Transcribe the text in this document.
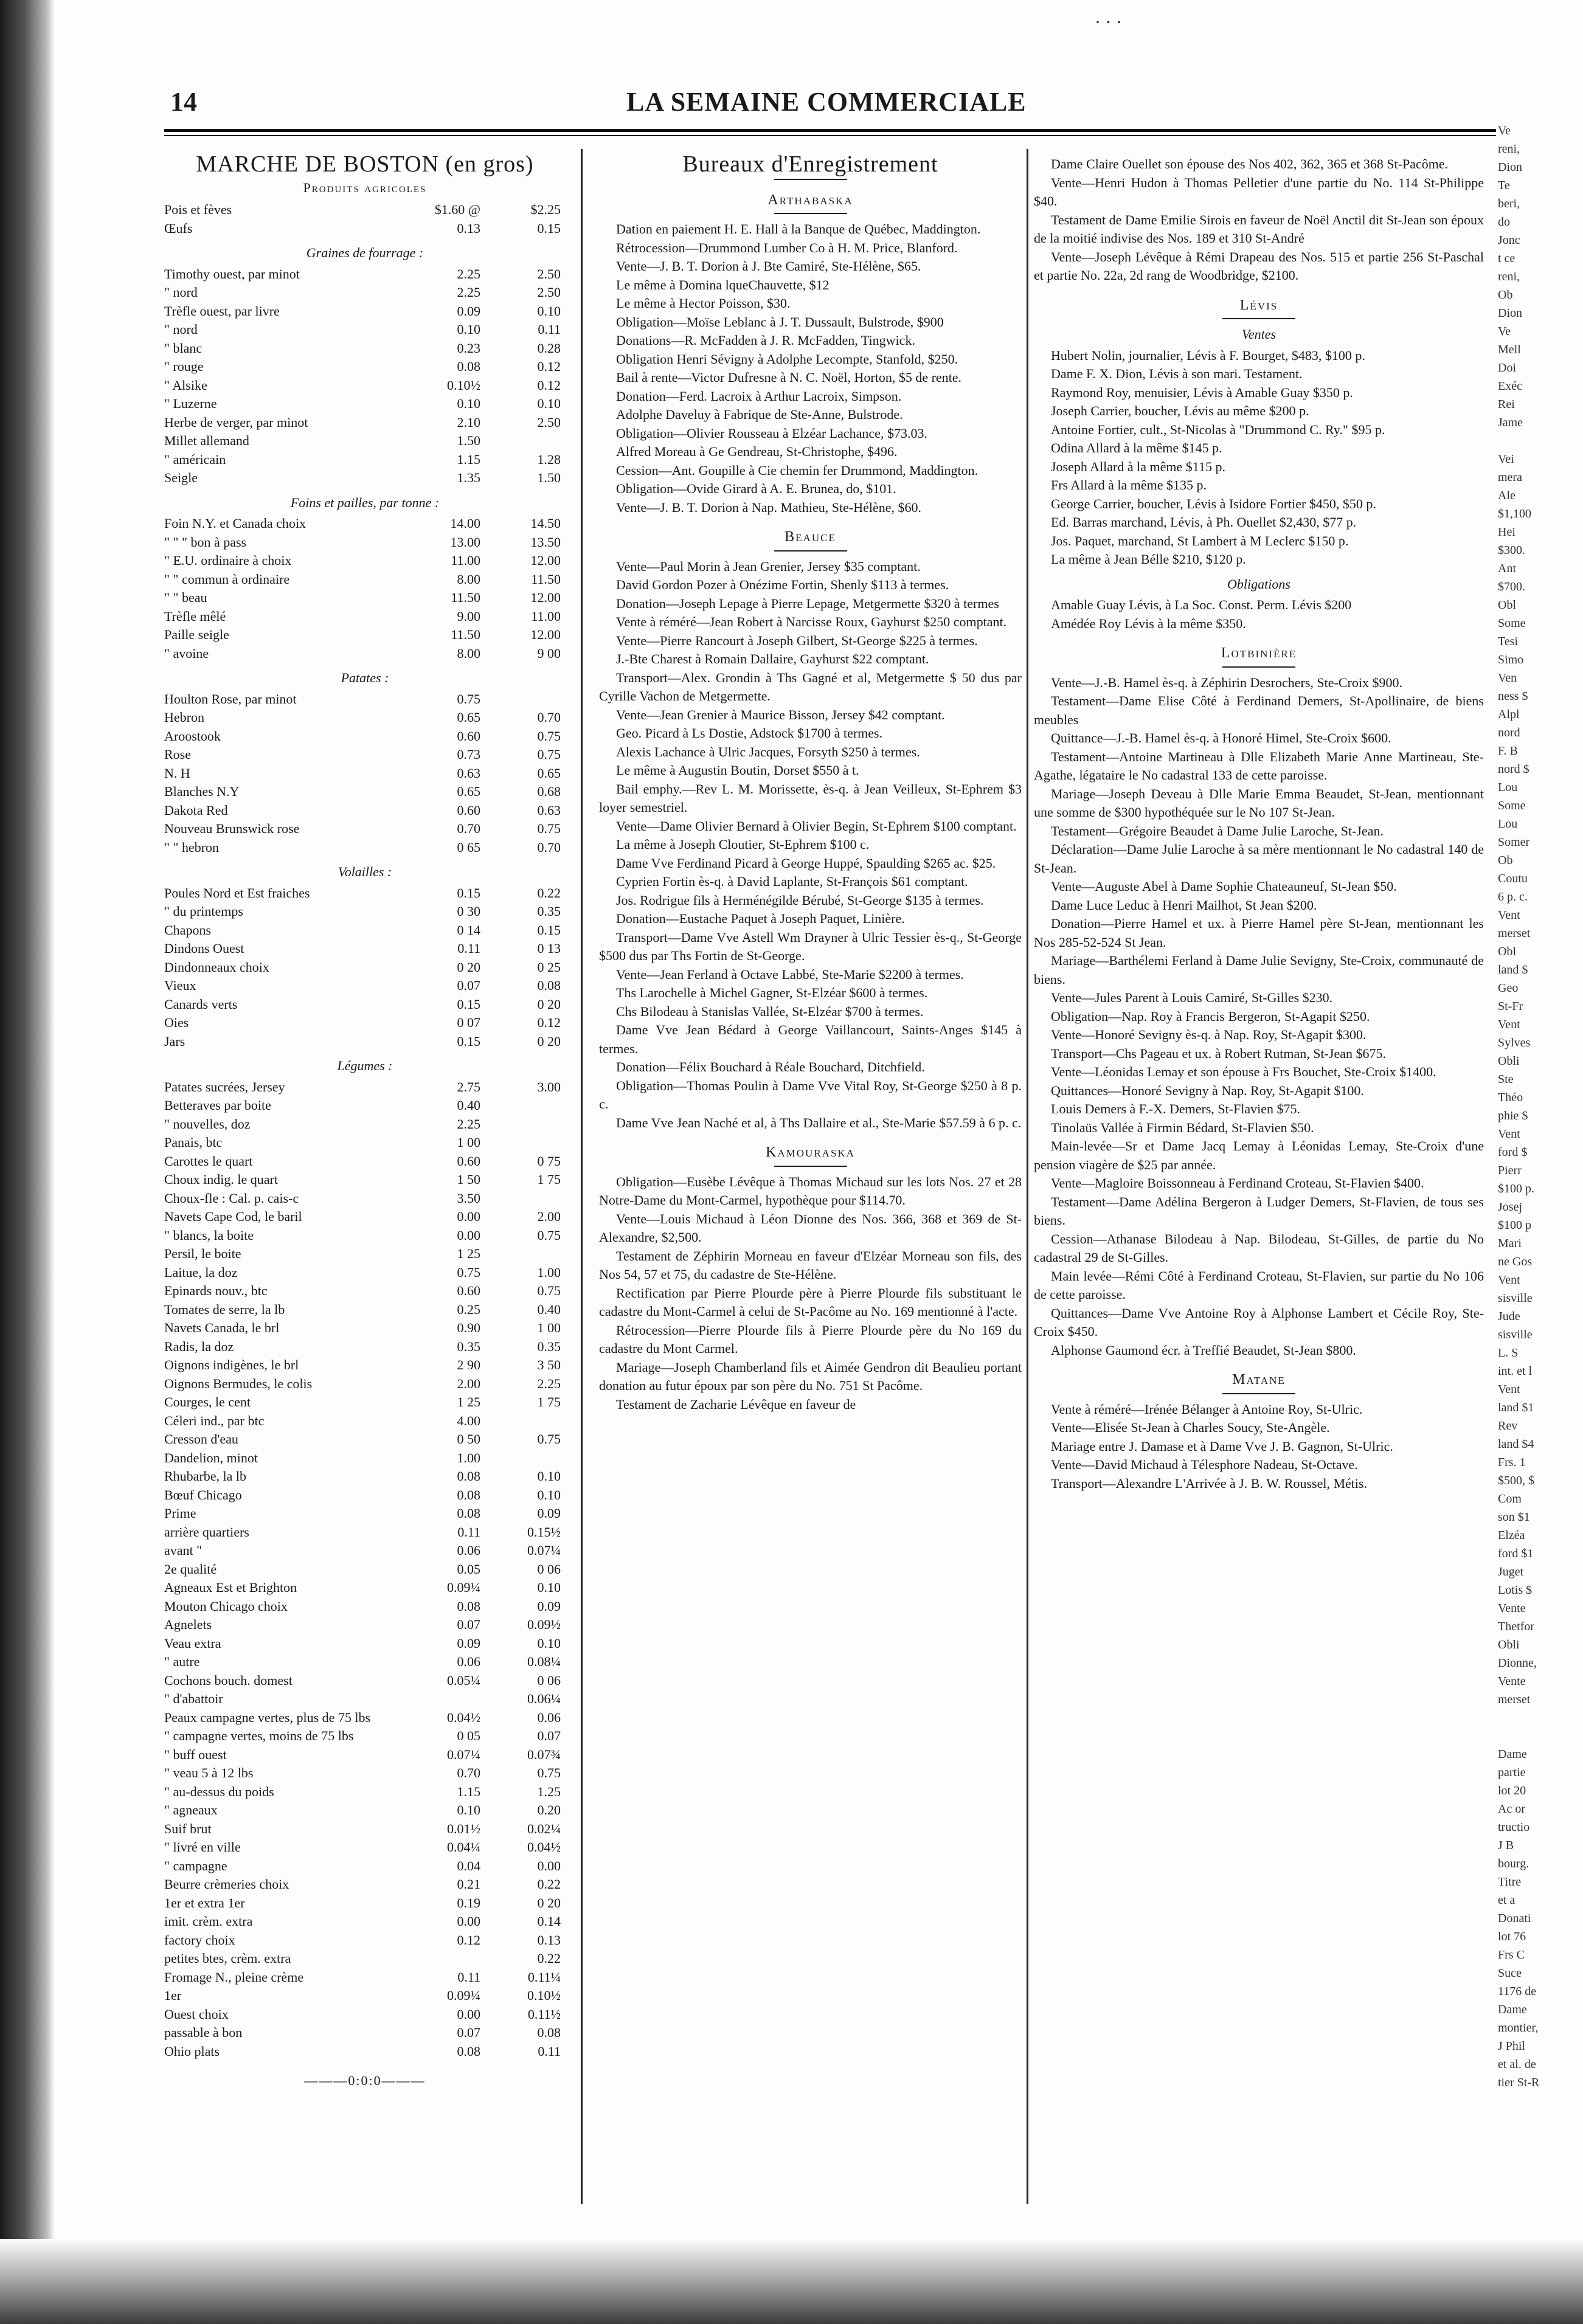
· · ·
14	LA SEMAINE COMMERCIALE
MARCHE DE BOSTON (en gros)
Produits agricoles
Pois et fèves	$1.60 @	$2.25
Œufs	0.13	0.15
Graines de fourrage :
Timothy ouest, par minot	2.25	2.50
" nord	2.25	2.50
Trèfle ouest, par livre	0.09	0.10
" nord	0.10	0.11
" blanc	0.23	0.28
" rouge	0.08	0.12
" Alsike	0.10½	0.12
" Luzerne	0.10	0.10
Herbe de verger, par minot	2.10	2.50
Millet allemand	1.50	
" américain	1.15	1.28
Seigle	1.35	1.50
Foins et pailles, par tonne :
Foin N.Y. et Canada choix	14.00	14.50
" " " bon à pass	13.00	13.50
" E.U. ordinaire à choix	11.00	12.00
" " commun à ordinaire	8.00	11.50
" " beau	11.50	12.00
Trèfle mêlé	9.00	11.00
Paille seigle	11.50	12.00
" avoine	8.00	9 00
Patates :
Houlton Rose, par minot	0.75	
Hebron	0.65	0.70
Aroostook	0.60	0.75
Rose	0.73	0.75
N. H	0.63	0.65
Blanches N.Y	0.65	0.68
Dakota Red	0.60	0.63
Nouveau Brunswick rose	0.70	0.75
" " hebron	0 65	0.70
Volailles :
Poules Nord et Est fraiches	0.15	0.22
" du printemps	0 30	0.35
Chapons	0 14	0.15
Dindons Ouest	0.11	0 13
Dindonneaux choix	0 20	0 25
Vieux	0.07	0.08
Canards verts	0.15	0 20
Oies	0 07	0.12
Jars	0.15	0 20
Légumes :
Patates sucrées, Jersey	2.75	3.00
Betteraves par boite	0.40	
" nouvelles, doz	2.25	
Panais, btc	1 00	
Carottes le quart	0.60	0 75
Choux indig. le quart	1 50	1 75
Choux-fle : Cal. p. cais-c	3.50	
Navets Cape Cod, le baril	0.00	2.00
" blancs, la boite	0.00	0.75
Persil, le boite	1 25	
Laitue, la doz	0.75	1.00
Epinards nouv., btc	0.60	0.75
Tomates de serre, la lb	0.25	0.40
Navets Canada, le brl	0.90	1 00
Radis, la doz	0.35	0.35
Oignons indigènes, le brl	2 90	3 50
Oignons Bermudes, le colis	2.00	2.25
Courges, le cent	1 25	1 75
Céleri ind., par btc	4.00	
Cresson d'eau	0 50	0.75
Dandelion, minot	1.00	
Rhubarbe, la lb	0.08	0.10
Bœuf Chicago	0.08	0.10
Prime	0.08	0.09
arrière quartiers	0.11	0.15½
avant "	0.06	0.07¼
2e qualité	0.05	0 06
Agneaux Est et Brighton	0.09¼	0.10
Mouton Chicago choix	0.08	0.09
Agnelets	0.07	0.09½
Veau extra	0.09	0.10
" autre	0.06	0.08¼
Cochons bouch. domest	0.05¼	0 06
" d'abattoir		0.06¼
Peaux campagne vertes, plus de 75 lbs	0.04½	0.06
" campagne vertes, moins de 75 lbs	0 05	0.07
" buff ouest	0.07¼	0.07¾
" veau 5 à 12 lbs	0.70	0.75
" au-dessus du poids	1.15	1.25
" agneaux	0.10	0.20
Suif brut	0.01½	0.02¼
" livré en ville	0.04¼	0.04½
" campagne	0.04	0.00
Beurre crèmeries choix	0.21	0.22
1er et extra 1er	0.19	0 20
imit. crèm. extra	0.00	0.14
factory choix	0.12	0.13
petites btes, crèm. extra		0.22
Fromage N., pleine crème	0.11	0.11¼
1er	0.09¼	0.10½
Ouest choix	0.00	0.11½
passable à bon	0.07	0.08
Ohio plats	0.08	0.11
———0:0:0———
Bureaux d'Enregistrement
Arthabaska

Dation en paiement H. E. Hall à la Banque de Québec, Maddington.

Rétrocession—Drummond Lumber Co à H. M. Price, Blanford.

Vente—J. B. T. Dorion à J. Bte Camiré, Ste-Hélène, $65.

Le même à Domina lqueChauvette, $12

Le même à Hector Poisson, $30.

Obligation—Moïse Leblanc à J. T. Dussault, Bulstrode, $900

Donations—R. McFadden à J. R. McFadden, Tingwick.

Obligation Henri Sévigny à Adolphe Lecompte, Stanfold, $250.

Bail à rente—Victor Dufresne à N. C. Noël, Horton, $5 de rente.

Donation—Ferd. Lacroix à Arthur Lacroix, Simpson.

Adolphe Daveluy à Fabrique de Ste-Anne, Bulstrode.

Obligation—Olivier Rousseau à Elzéar Lachance, $73.03.

Alfred Moreau à Ge Gendreau, St-Christophe, $496.

Cession—Ant. Goupille à Cie chemin fer Drummond, Maddington.

Obligation—Ovide Girard à A. E. Brunea, do, $101.

Vente—J. B. T. Dorion à Nap. Mathieu, Ste-Hélène, $60.

Beauce

Vente—Paul Morin à Jean Grenier, Jersey $35 comptant.

David Gordon Pozer à Onézime Fortin, Shenly $113 à termes.

Donation—Joseph Lepage à Pierre Lepage, Metgermette $320 à termes

Vente à réméré—Jean Robert à Narcisse Roux, Gayhurst $250 comptant.

Vente—Pierre Rancourt à Joseph Gilbert, St-George $225 à termes.

J.-Bte Charest à Romain Dallaire, Gayhurst $22 comptant.

Transport—Alex. Grondin à Ths Gagné et al, Metgermette $ 50 dus par Cyrille Vachon de Metgermette.

Vente—Jean Grenier à Maurice Bisson, Jersey $42 comptant.

Geo. Picard à Ls Dostie, Adstock $1700 à termes.

Alexis Lachance à Ulric Jacques, Forsyth $250 à termes.

Le même à Augustin Boutin, Dorset $550 à t.

Bail emphy.—Rev L. M. Morissette, ès-q. à Jean Veilleux, St-Ephrem $3 loyer semestriel.

Vente—Dame Olivier Bernard à Olivier Begin, St-Ephrem $100 comptant.

La même à Joseph Cloutier, St-Ephrem $100 c.

Dame Vve Ferdinand Picard à George Huppé, Spaulding $265 ac. $25.

Cyprien Fortin ès-q. à David Laplante, St-François $61 comptant.

Jos. Rodrigue fils à Herménégilde Bérubé, St-George $135 à termes.

Donation—Eustache Paquet à Joseph Paquet, Linière.

Transport—Dame Vve Astell Wm Drayner à Ulric Tessier ès-q., St-George $500 dus par Ths Fortin de St-George.

Vente—Jean Ferland à Octave Labbé, Ste-Marie $2200 à termes.

Ths Larochelle à Michel Gagner, St-Elzéar $600 à termes.

Chs Bilodeau à Stanislas Vallée, St-Elzéar $700 à termes.

Dame Vve Jean Bédard à George Vaillancourt, Saints-Anges $145 à termes.

Donation—Félix Bouchard à Réale Bouchard, Ditchfield.

Obligation—Thomas Poulin à Dame Vve Vital Roy, St-George $250 à 8 p. c.

Dame Vve Jean Naché et al, à Ths Dallaire et al., Ste-Marie $57.59 à 6 p. c.

Kamouraska

Obligation—Eusèbe Lévêque à Thomas Michaud sur les lots Nos. 27 et 28 Notre-Dame du Mont-Carmel, hypothèque pour $114.70.

Vente—Louis Michaud à Léon Dionne des Nos. 366, 368 et 369 de St-Alexandre, $2,500.

Testament de Zéphirin Morneau en faveur d'Elzéar Morneau son fils, des Nos 54, 57 et 75, du cadastre de Ste-Hélène.

Rectification par Pierre Plourde père à Pierre Plourde fils substituant le cadastre du Mont-Carmel à celui de St-Pacôme au No. 169 mentionné à l'acte.

Rétrocession—Pierre Plourde fils à Pierre Plourde père du No 169 du cadastre du Mont Carmel.

Mariage—Joseph Chamberland fils et Aimée Gendron dit Beaulieu portant donation au futur époux par son père du No. 751 St Pacôme.

Testament de Zacharie Lévêque en faveur de

Dame Claire Ouellet son épouse des Nos 402, 362, 365 et 368 St-Pacôme.

Vente—Henri Hudon à Thomas Pelletier d'une partie du No. 114 St-Philippe $40.

Testament de Dame Emilie Sirois en faveur de Noël Anctil dit St-Jean son époux de la moitié indivise des Nos. 189 et 310 St-André

Vente—Joseph Lévêque à Rémi Drapeau des Nos. 515 et partie 256 St-Paschal et partie No. 22a, 2d rang de Woodbridge, $2100.

Lévis
Ventes

Hubert Nolin, journalier, Lévis à F. Bourget, $483, $100 p.

Dame F. X. Dion, Lévis à son mari. Testament.

Raymond Roy, menuisier, Lévis à Amable Guay $350 p.

Joseph Carrier, boucher, Lévis au même $200 p.

Antoine Fortier, cult., St-Nicolas à "Drummond C. Ry." $95 p.

Odina Allard à la même $145 p.

Joseph Allard à la même $115 p.

Frs Allard à la même $135 p.

George Carrier, boucher, Lévis à Isidore Fortier $450, $50 p.

Ed. Barras marchand, Lévis, à Ph. Ouellet $2,430, $77 p.

Jos. Paquet, marchand, St Lambert à M Leclerc $150 p.

La même à Jean Bélle $210, $120 p.

Obligations

Amable Guay Lévis, à La Soc. Const. Perm. Lévis $200

Amédée Roy Lévis à la même $350.

Lotbinière

Vente—J.-B. Hamel ès-q. à Zéphirin Desrochers, Ste-Croix $900.

Testament—Dame Elise Côté à Ferdinand Demers, St-Apollinaire, de biens meubles

Quittance—J.-B. Hamel ès-q. à Honoré Himel, Ste-Croix $600.

Testament—Antoine Martineau à Dlle Elizabeth Marie Anne Martineau, Ste-Agathe, légataire le No cadastral 133 de cette paroisse.

Mariage—Joseph Deveau à Dlle Marie Emma Beaudet, St-Jean, mentionnant une somme de $300 hypothéquée sur le No 107 St-Jean.

Testament—Grégoire Beaudet à Dame Julie Laroche, St-Jean.

Déclaration—Dame Julie Laroche à sa mère mentionnant le No cadastral 140 de St-Jean.

Vente—Auguste Abel à Dame Sophie Chateauneuf, St-Jean $50.

Dame Luce Leduc à Henri Mailhot, St Jean $200.

Donation—Pierre Hamel et ux. à Pierre Hamel père St-Jean, mentionnant les Nos 285-52-524 St Jean.

Mariage—Barthélemi Ferland à Dame Julie Sevigny, Ste-Croix, communauté de biens.

Vente—Jules Parent à Louis Camiré, St-Gilles $230.

Obligation—Nap. Roy à Francis Bergeron, St-Agapit $250.

Vente—Honoré Sevigny ès-q. à Nap. Roy, St-Agapit $300.

Transport—Chs Pageau et ux. à Robert Rutman, St-Jean $675.

Vente—Léonidas Lemay et son épouse à Frs Bouchet, Ste-Croix $1400.

Quittances—Honoré Sevigny à Nap. Roy, St-Agapit $100.

Louis Demers à F.-X. Demers, St-Flavien $75.

Tinolaüs Vallée à Firmin Bédard, St-Flavien $50.

Main-levée—Sr et Dame Jacq Lemay à Léonidas Lemay, Ste-Croix d'une pension viagère de $25 par année.

Vente—Magloire Boissonneau à Ferdinand Croteau, St-Flavien $400.

Testament—Dame Adélina Bergeron à Ludger Demers, St-Flavien, de tous ses biens.

Cession—Athanase Bilodeau à Nap. Bilodeau, St-Gilles, de partie du No cadastral 29 de St-Gilles.

Main levée—Rémi Côté à Ferdinand Croteau, St-Flavien, sur partie du No 106 de cette paroisse.

Quittances—Dame Vve Antoine Roy à Alphonse Lambert et Cécile Roy, Ste-Croix $450.

Alphonse Gaumond écr. à Treffié Beaudet, St-Jean $800.

Matane

Vente à réméré—Irénée Bélanger à Antoine Roy, St-Ulric.

Vente—Elisée St-Jean à Charles Soucy, Ste-Angèle.

Mariage entre J. Damase et à Dame Vve J. B. Gagnon, St-Ulric.

Vente—David Michaud à Télesphore Nadeau, St-Octave.

Transport—Alexandre L'Arrivée à J. B. W. Roussel, Métis.

Ve
reni,
Dion
Te
beri,
do
Jonc
t ce
reni,
Ob
Dion
Ve
Mell
Doi
Exéc
Rei
Jame

Vei
mera
Ale
$1,100
Hei
$300.
Ant
$700.
Obl
Some
Tesi
Simo
Ven
ness $
Alpl
nord
F. B
nord $
Lou
Some
Lou
Somer
Ob
Coutu
6 p. c.
Vent
merset
Obl
land $
Geo
St-Fr
Vent
Sylves
Obli
Ste
Théo
phie $
Vent
ford $
Pierr
$100 p.
Josej
$100 p
Mari
ne Gos
Vent
sisville
Jude
sisville
L. S
int. et l
Vent
land $1
Rev
land $4
Frs. 1
$500, $
Com
son $1
Elzéa
ford $1
Juget
Lotis $
Vente
Thetfor
Obli
Dionne,
Vente
merset

Dame
partie
lot 20
Ac or
tructio
J B
bourg.
Titre
et a
Donati
lot 76
Frs C
Suce
1176 de
Dame
montier,
J Phil
et al. de
tier St-R
